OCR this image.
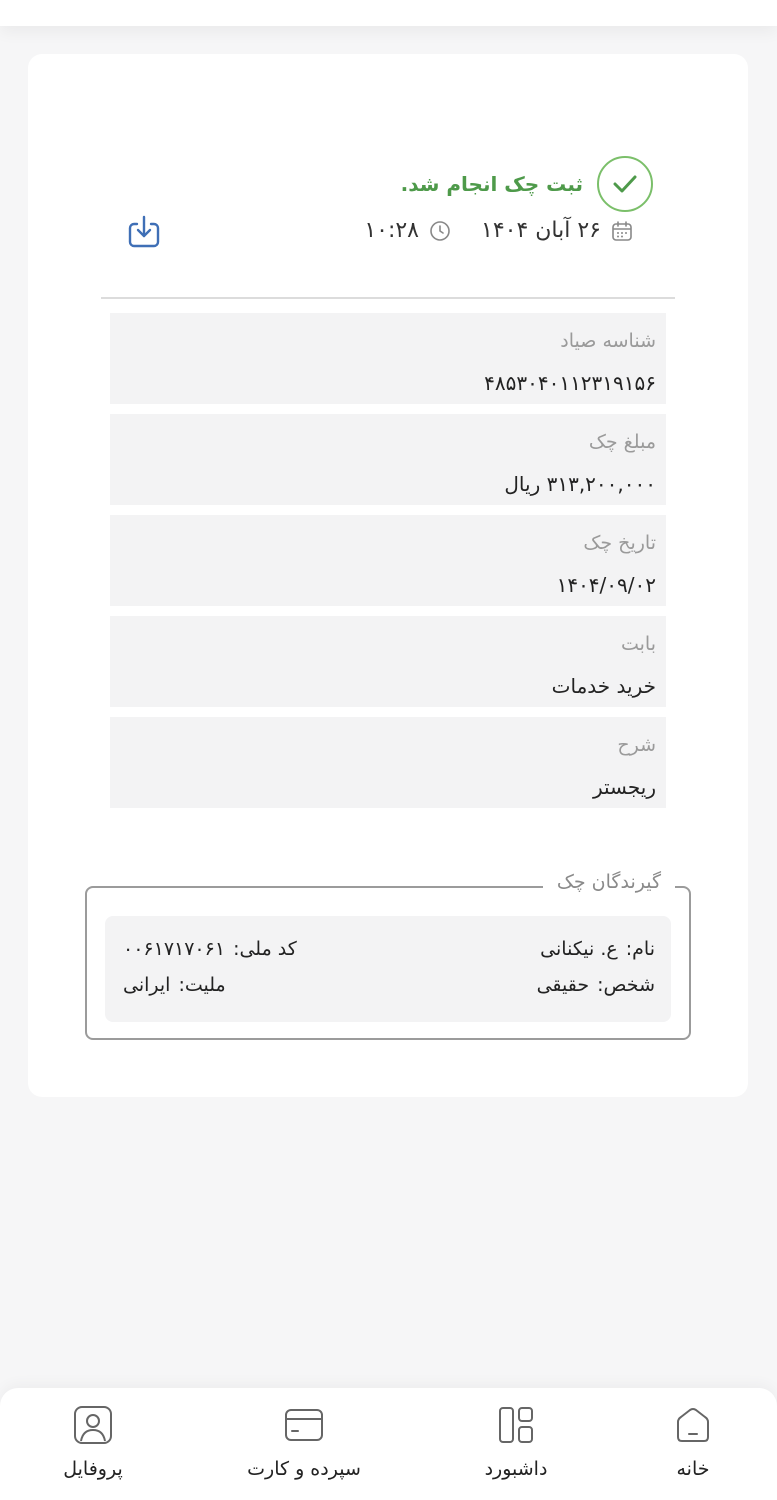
ثبت چک انجام شد.
۲۶ آبان ۱۴۰۴
۱۰:۲۸
شناسه صیاد
۴۸۵۳۰۴۰۱۱۲۳۱۹۱۵۶
مبلغ چک
۳۱۳,۲۰۰,۰۰۰ ریال
تاریخ چک
۱۴۰۴/۰۹/۰۲
بابت
خرید خدمات
شرح
ریجستر
گیرندگان چک
نام:
ع. نیکنانی
شخص:
حقیقی
کد ملی:
۰۰۶۱۷۱۷۰۶۱
ملیت:
ایرانی
خانه
داشبورد
سپرده و کارت
پروفایل
